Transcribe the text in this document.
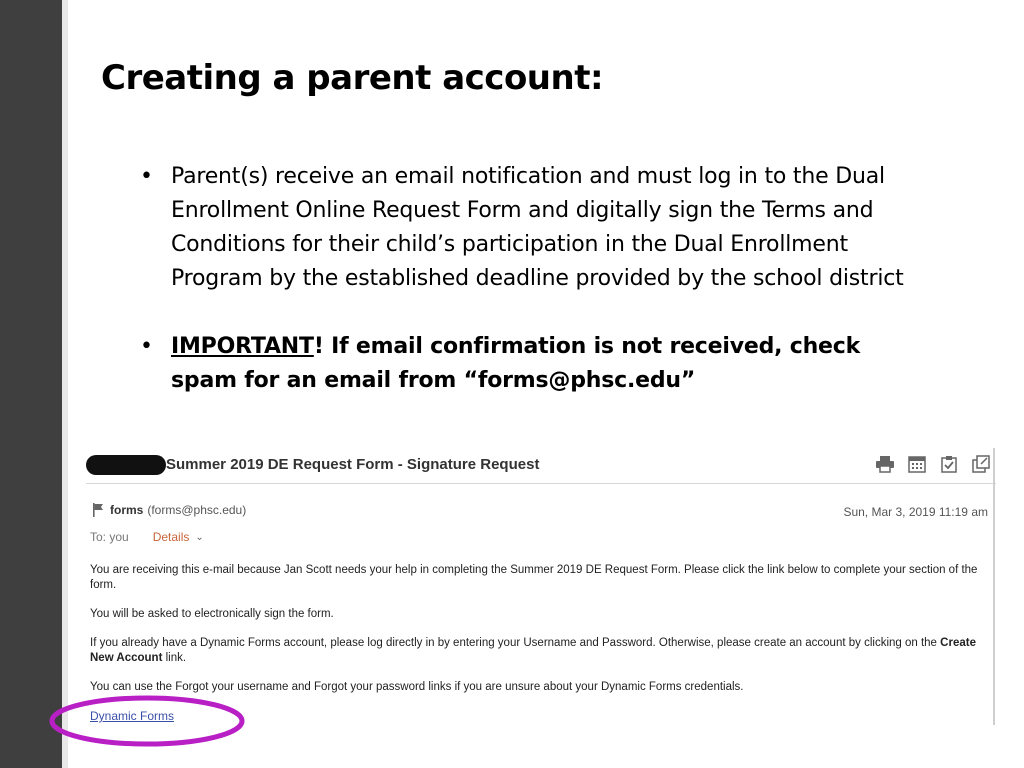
Creating a parent account:
• Parent(s) receive an email notification and must log in to the Dual Enrollment Online Request Form and digitally sign the Terms and Conditions for their child’s participation in the Dual Enrollment Program by the established deadline provided by the school district
• IMPORTANT! If email confirmation is not received, check spam for an email from “forms@phsc.edu”
Summer 2019 DE Request Form - Signature Request
forms (forms@phsc.edu)	Sun, Mar 3, 2019 11:19 am
To: you Details ⌄

You are receiving this e-mail because Jan Scott needs your help in completing the Summer 2019 DE Request Form. Please click the link below to complete your section of the form.

You will be asked to electronically sign the form.

If you already have a Dynamic Forms account, please log directly in by entering your Username and Password. Otherwise, please create an account by clicking on the Create New Account link.

You can use the Forgot your username and Forgot your password links if you are unsure about your Dynamic Forms credentials.

Dynamic Forms
